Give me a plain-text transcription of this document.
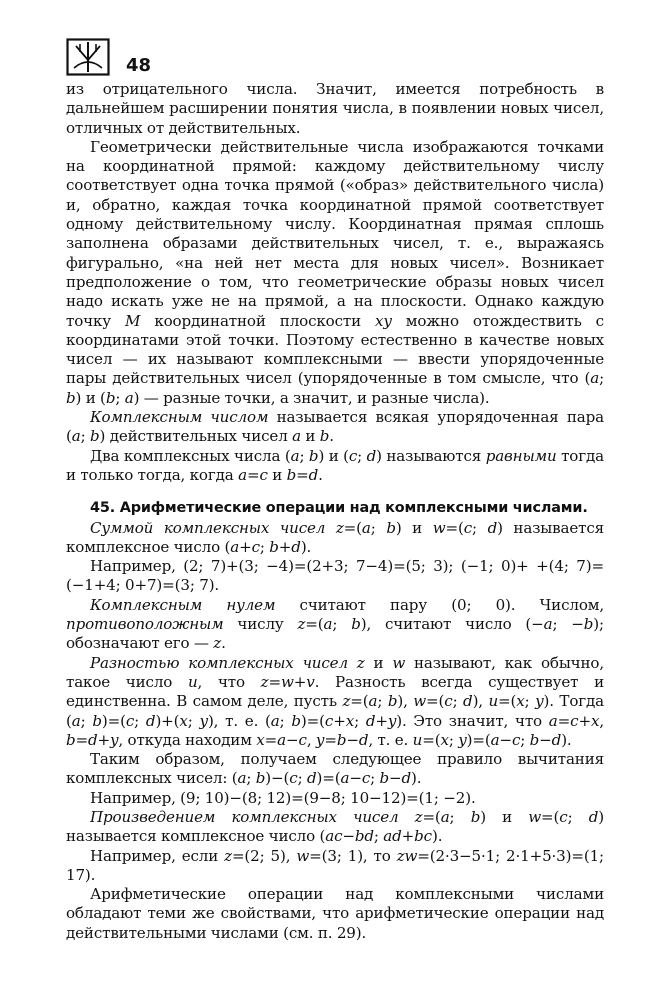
48

из отрицательного числа. Значит, имеется потребность в дальнейшем расширении понятия числа, в появлении новых чисел, отличных от действительных.

Геометрически действительные числа изображаются точками на координатной прямой: каждому действительному числу соответствует одна точка прямой («образ» действительного числа) и, обратно, каждая точка координатной прямой соответствует одному действительному числу. Координатная прямая сплошь заполнена образами действительных чисел, т. е., выражаясь фигурально, «на ней нет места для новых чисел». Возникает предположение о том, что геометрические образы новых чисел надо искать уже не на прямой, а на плоскости. Однако каждую точку M координатной плоскости xy можно отождествить с координатами этой точки. Поэтому естественно в качестве новых чисел — их называют комплексными — ввести упорядоченные пары действительных чисел (упорядоченные в том смысле, что (a; b) и (b; a) — разные точки, а значит, и разные числа).

Комплексным числом называется всякая упорядоченная пара (a; b) действительных чисел a и b.

Два комплексных числа (a; b) и (c; d) называются равными тогда и только тогда, когда a=c и b=d.

45. Арифметические операции над комплексными числами.

Суммой комплексных чисел z=(a; b) и w=(c; d) называется комплексное число (a+c; b+d).

Например, (2; 7)+(3; −4)=(2+3; 7−4)=(5; 3); (−1; 0)+ +(4; 7)=(−1+4; 0+7)=(3; 7).

Комплексным нулем считают пару (0; 0). Числом, противоположным числу z=(a; b), считают число (−a; −b); обозначают его — z.

Разностью комплексных чисел z и w называют, как обычно, такое число u, что z=w+v. Разность всегда существует и единственна. В самом деле, пусть z=(a; b), w=(c; d), u=(x; y). Тогда (a; b)=(c; d)+(x; y), т. е. (a; b)=(c+x; d+y). Это значит, что a=c+x, b=d+y, откуда находим x=a−c, y=b−d, т. е. u=(x; y)=(a−c; b−d).

Таким образом, получаем следующее правило вычитания комплексных чисел: (a; b)−(c; d)=(a−c; b−d).

Например, (9; 10)−(8; 12)=(9−8; 10−12)=(1; −2).

Произведением комплексных чисел z=(a; b) и w=(c; d) называется комплексное число (ac−bd; ad+bc).

Например, если z=(2; 5), w=(3; 1), то zw=(2·3−5·1; 2·1+5·3)=(1; 17).

Арифметические операции над комплексными числами обладают теми же свойствами, что арифметические операции над действительными числами (см. п. 29).
